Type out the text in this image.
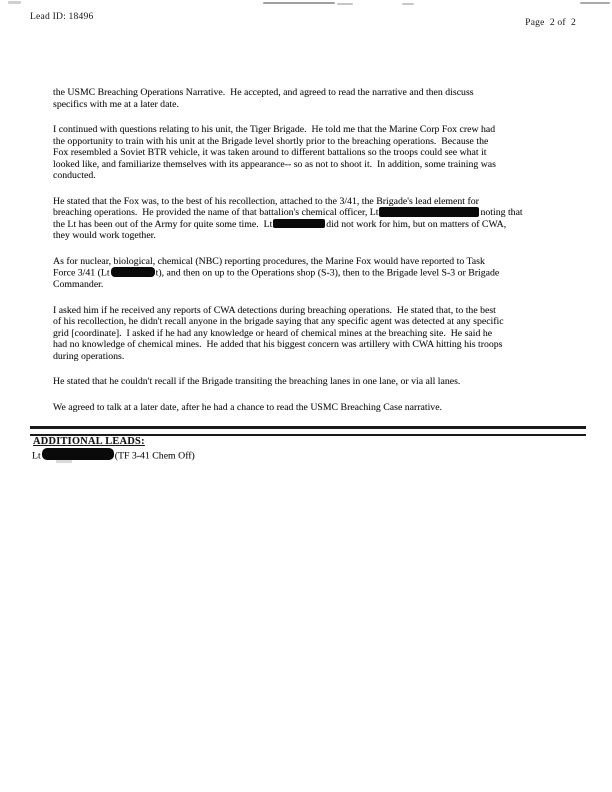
Lead ID: 18496
Page  2 of  2
the USMC Breaching Operations Narrative.  He accepted, and agreed to read the narrative and then discuss
specifics with me at a later date.
I continued with questions relating to his unit, the Tiger Brigade.  He told me that the Marine Corp Fox crew had
the opportunity to train with his unit at the Brigade level shortly prior to the breaching operations.  Because the
Fox resembled a Soviet BTR vehicle, it was taken around to different battalions so the troops could see what it
looked like, and familiarize themselves with its appearance-- so as not to shoot it.  In addition, some training was
conducted.
He stated that the Fox was, to the best of his recollection, attached to the 3/41, the Brigade's lead element for
breaching operations.  He provided the name of that battalion's chemical officer, Lt	noting that
the Lt has been out of the Army for quite some time.  Lt	did not work for him, but on matters of CWA,
they would work together.
As for nuclear, biological, chemical (NBC) reporting procedures, the Marine Fox would have reported to Task
Force 3/41 (Lt	t), and then on up to the Operations shop (S-3), then to the Brigade level S-3 or Brigade
Commander.
I asked him if he received any reports of CWA detections during breaching operations.  He stated that, to the best
of his recollection, he didn't recall anyone in the brigade saying that any specific agent was detected at any specific
grid [coordinate].  I asked if he had any knowledge or heard of chemical mines at the breaching site.  He said he
had no knowledge of chemical mines.  He added that his biggest concern was artillery with CWA hitting his troops
during operations.
He stated that he couldn't recall if the Brigade transiting the breaching lanes in one lane, or via all lanes.
We agreed to talk at a later date, after he had a chance to read the USMC Breaching Case narrative.
ADDITIONAL LEADS:
Lt	(TF 3-41 Chem Off)
